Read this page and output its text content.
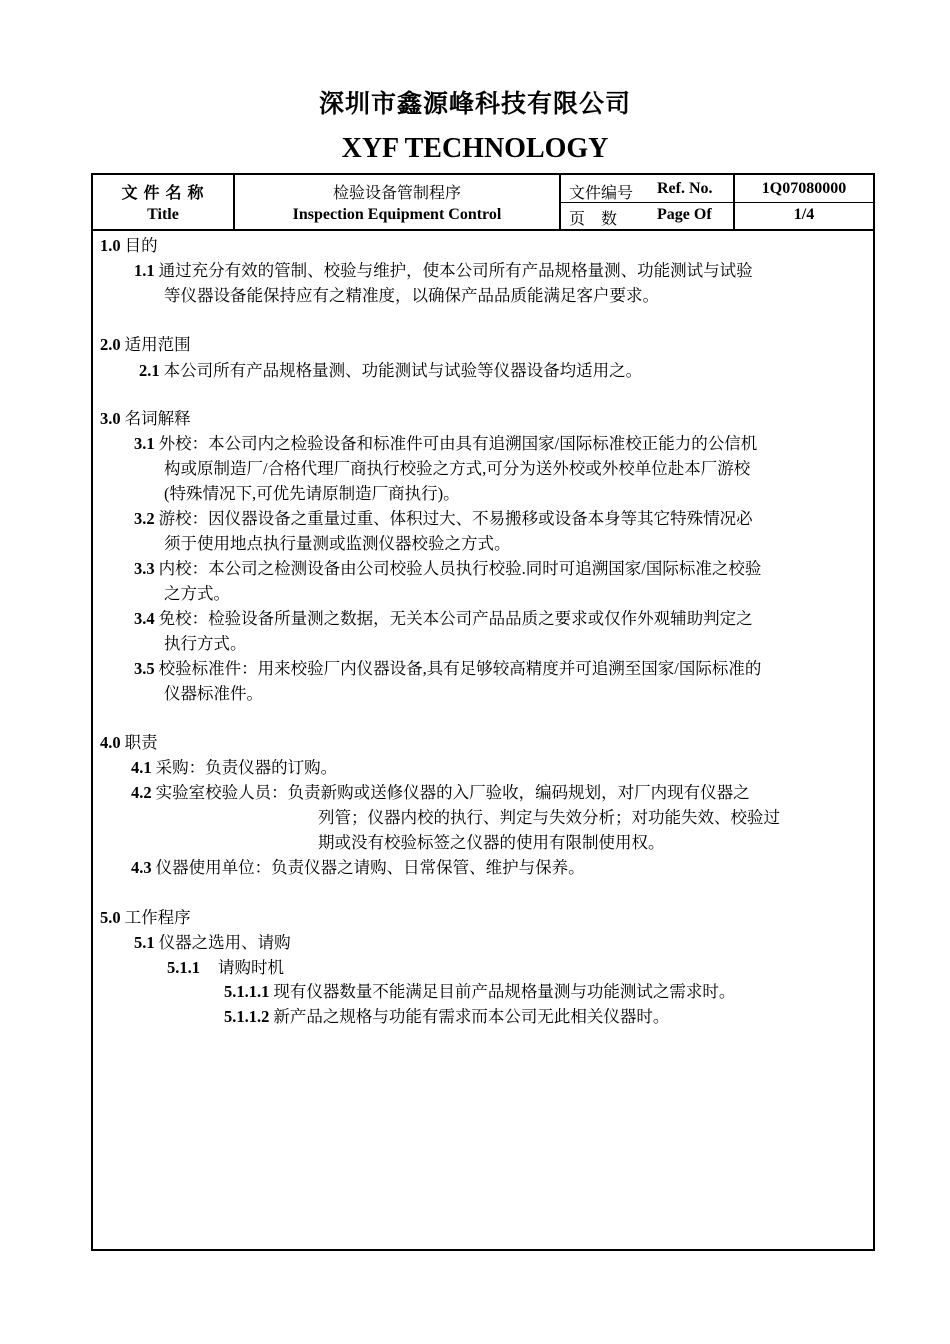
深圳市鑫源峰科技有限公司
XYF TECHNOLOGY
文 件 名 称
Title
检验设备管制程序
Inspection Equipment Control
文件编号 Ref. No.
页    数 Page Of
1Q07080000
1/4
1.0 目的
1.1 通过充分有效的管制、校验与维护，使本公司所有产品规格量测、功能测试与试验
等仪器设备能保持应有之精准度，以确保产品品质能满足客户要求。
2.0 适用范围
2.1 本公司所有产品规格量测、功能测试与试验等仪器设备均适用之。
3.0 名词解释
3.1 外校：本公司内之检验设备和标准件可由具有追溯国家/国际标准校正能力的公信机
构或原制造厂/合格代理厂商执行校验之方式,可分为送外校或外校单位赴本厂游校
(特殊情况下,可优先请原制造厂商执行)。
3.2 游校：因仪器设备之重量过重、体积过大、不易搬移或设备本身等其它特殊情况必
须于使用地点执行量测或监测仪器校验之方式。
3.3 内校：本公司之检测设备由公司校验人员执行校验.同时可追溯国家/国际标准之校验
之方式。
3.4 免校：检验设备所量测之数据，无关本公司产品品质之要求或仅作外观辅助判定之
执行方式。
3.5 校验标准件：用来校验厂内仪器设备,具有足够较高精度并可追溯至国家/国际标准的
仪器标准件。
4.0 职责
4.1 采购：负责仪器的订购。
4.2 实验室校验人员：负责新购或送修仪器的入厂验收，编码规划，对厂内现有仪器之
列管；仪器内校的执行、判定与失效分析；对功能失效、校验过
期或没有校验标签之仪器的使用有限制使用权。
4.3 仪器使用单位：负责仪器之请购、日常保管、维护与保养。
5.0 工作程序
5.1 仪器之选用、请购
5.1.1 请购时机
5.1.1.1 现有仪器数量不能满足目前产品规格量测与功能测试之需求时。
5.1.1.2 新产品之规格与功能有需求而本公司无此相关仪器时。
